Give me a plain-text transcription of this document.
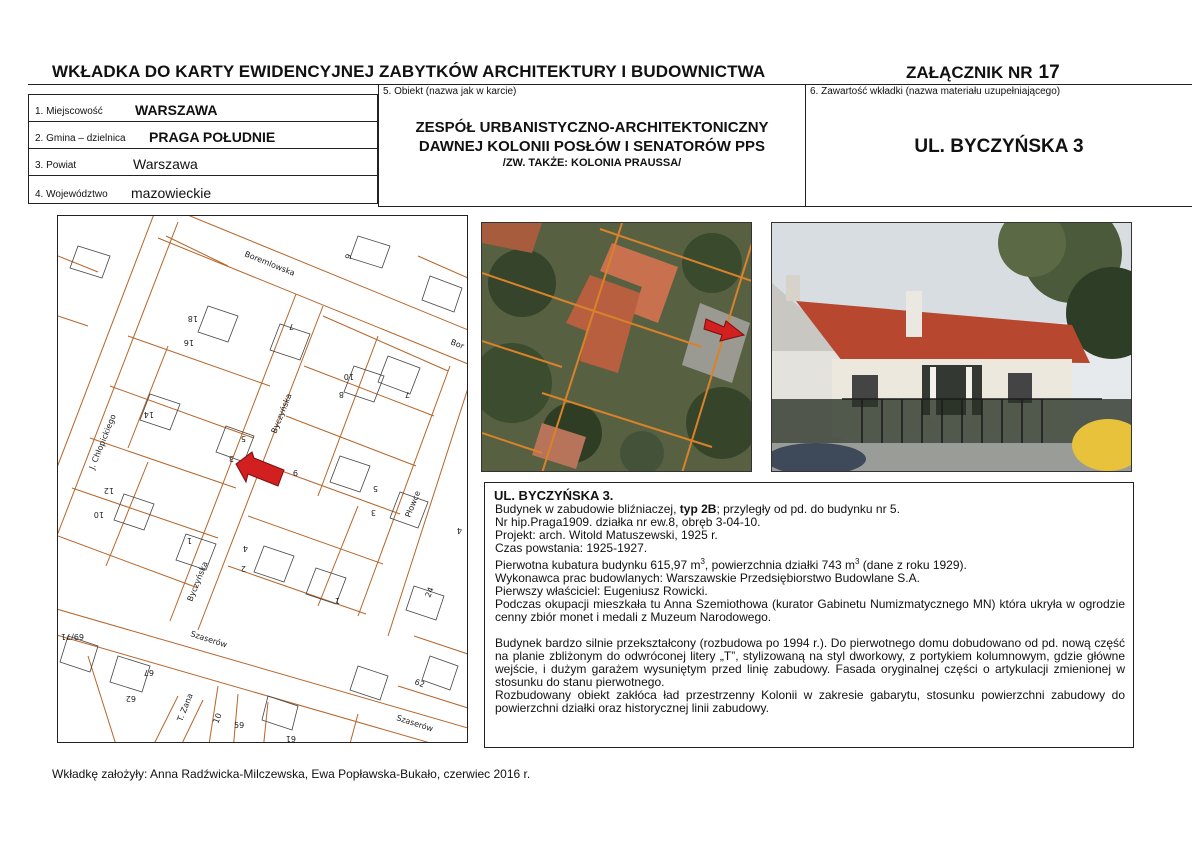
WKŁADKA DO KARTY EWIDENCYJNEJ ZABYTKÓW ARCHITEKTURY I BUDOWNICTWA	ZAŁĄCZNIK NR 17
1. Miejscowość WARSZAWA
2. Gmina – dzielnica PRAGA POŁUDNIE
3. Powiat	Warszawa
4. Województwo mazowieckie
5. Obiekt (nazwa jak w karcie)
ZESPÓŁ URBANISTYCZNO-ARCHITEKTONICZNY
DAWNEJ KOLONII POSŁÓW I SENATORÓW PPS
/ZW. TAKŻE: KOLONIA PRAUSSA/
6. Zawartość wkładki (nazwa materiału uzupełniającego)
UL. BYCZYŃSKA 3
Boremlowska
Bor
Byczyńska
J. Chłopickiego
Płowce
Szaserów
Szaserów
Byczyńska
T. Zana
18
16
7
9
10
8	7
14
5
3
9
12
10
4
1
2
3
5
4
1
24
67
62
69/71
10
59
61
62
UL. BYCZYŃSKA 3.

Budynek w zabudowie bliźniaczej, typ 2B; przyległy od pd. do budynku nr 5.

Nr hip.Praga1909. działka nr ew.8, obręb 3-04-10.

Projekt: arch. Witold Matuszewski, 1925 r.

Czas powstania: 1925-1927.

Pierwotna kubatura budynku 615,97 $m^3$, powierzchnia działki 743 $m^3$ (dane z roku 1929).

Wykonawca prac budowlanych: Warszawskie Przedsiębiorstwo Budowlane S.A.

Pierwszy właściciel: Eugeniusz Rowicki.

Podczas okupacji mieszkała tu Anna Szemiothowa (kurator Gabinetu Numizmatycznego MN) która ukryła w ogrodzie cenny zbiór monet i medali z Muzeum Narodowego.

Budynek bardzo silnie przekształcony (rozbudowa po 1994 r.). Do pierwotnego domu dobudowano od pd. nową część na planie zbliżonym do odwróconej litery „T”, stylizowaną na styl dworkowy, z portykiem kolumnowym, gdzie główne wejście, i dużym garażem wysuniętym przed linię zabudowy. Fasada oryginalnej części o artykulacji zmienionej w stosunku do stanu pierwotnego.

Rozbudowany obiekt zakłóca ład przestrzenny Kolonii w zakresie gabarytu, stosunku powierzchni zabudowy do powierzchni działki oraz historycznej linii zabudowy.

Wkładkę założyły: Anna Radźwicka-Milczewska, Ewa Popławska-Bukało, czerwiec 2016 r.
